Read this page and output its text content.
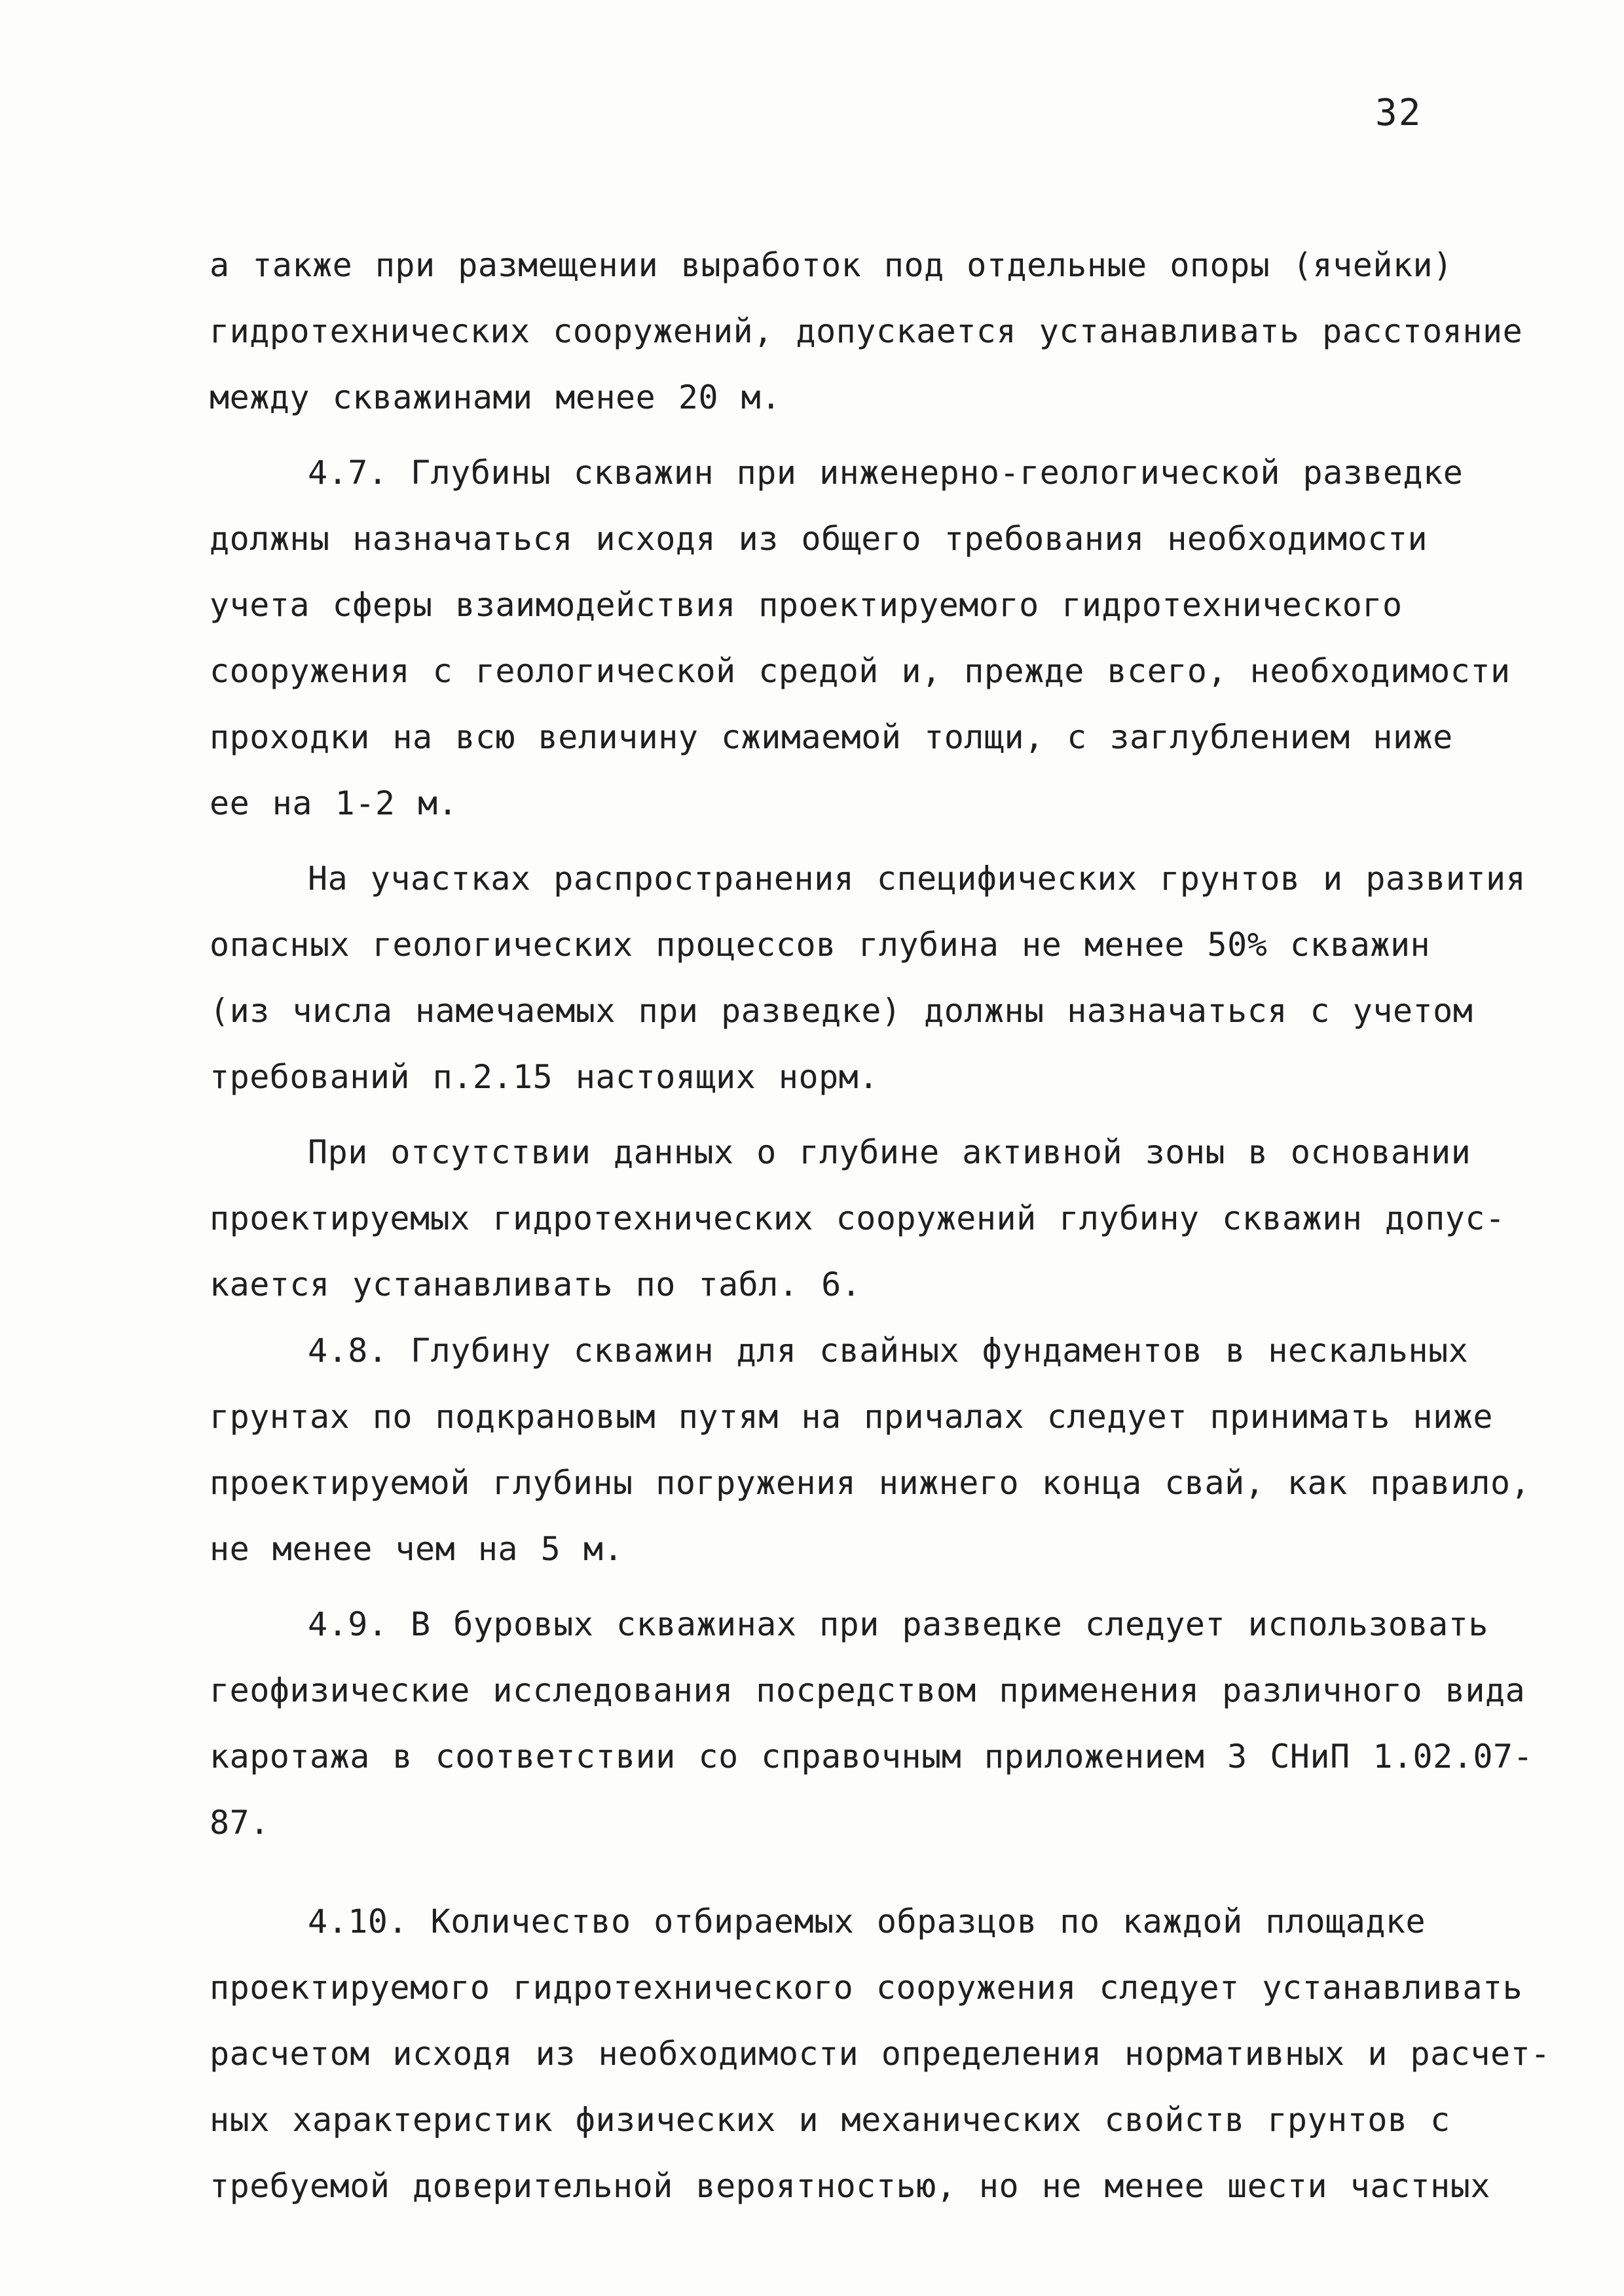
32
а также при размещении выработок под отдельные опоры (ячейки)
гидротехнических сооружений, допускается устанавливать расстояние
между скважинами менее 20 м.
4.7. Глубины скважин при инженерно-геологической разведке
должны назначаться исходя из общего требования необходимости
учета сферы взаимодействия проектируемого гидротехнического
сооружения с геологической средой и, прежде всего, необходимости
проходки на всю величину сжимаемой толщи, с заглублением ниже
ее на 1-2 м.
На участках распространения специфических грунтов и развития
опасных геологических процессов глубина не менее 50% скважин
(из числа намечаемых при разведке) должны назначаться с учетом
требований п.2.15 настоящих норм.
При отсутствии данных о глубине активной зоны в основании
проектируемых гидротехнических сооружений глубину скважин допус-
кается устанавливать по табл. 6.
4.8. Глубину скважин для свайных фундаментов в нескальных
грунтах по подкрановым путям на причалах следует принимать ниже
проектируемой глубины погружения нижнего конца свай, как правило,
не менее чем на 5 м.
4.9. В буровых скважинах при разведке следует использовать
геофизические исследования посредством применения различного вида
каротажа в соответствии со справочным приложением 3 СНиП 1.02.07-
87.
4.10. Количество отбираемых образцов по каждой площадке
проектируемого гидротехнического сооружения следует устанавливать
расчетом исходя из необходимости определения нормативных и расчет-
ных характеристик физических и механических свойств грунтов с
требуемой доверительной вероятностью, но не менее шести частных
